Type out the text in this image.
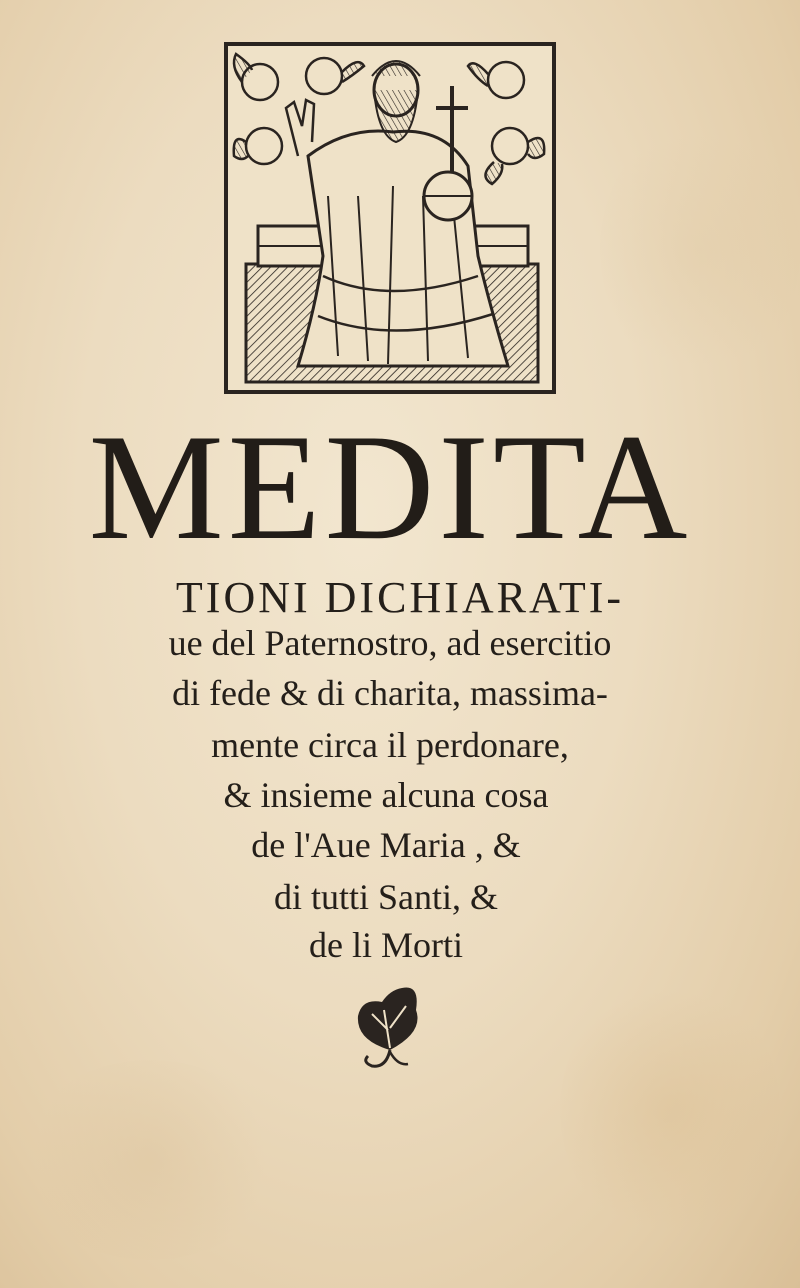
MEDITA
TIONI DICHIARATI-
ue del Paternostro, ad esercitio
di fede & di charita, massima-
mente circa il perdonare,
& insieme alcuna cosa
de l'Aue Maria , &
di tutti Santi, &
de li Morti
